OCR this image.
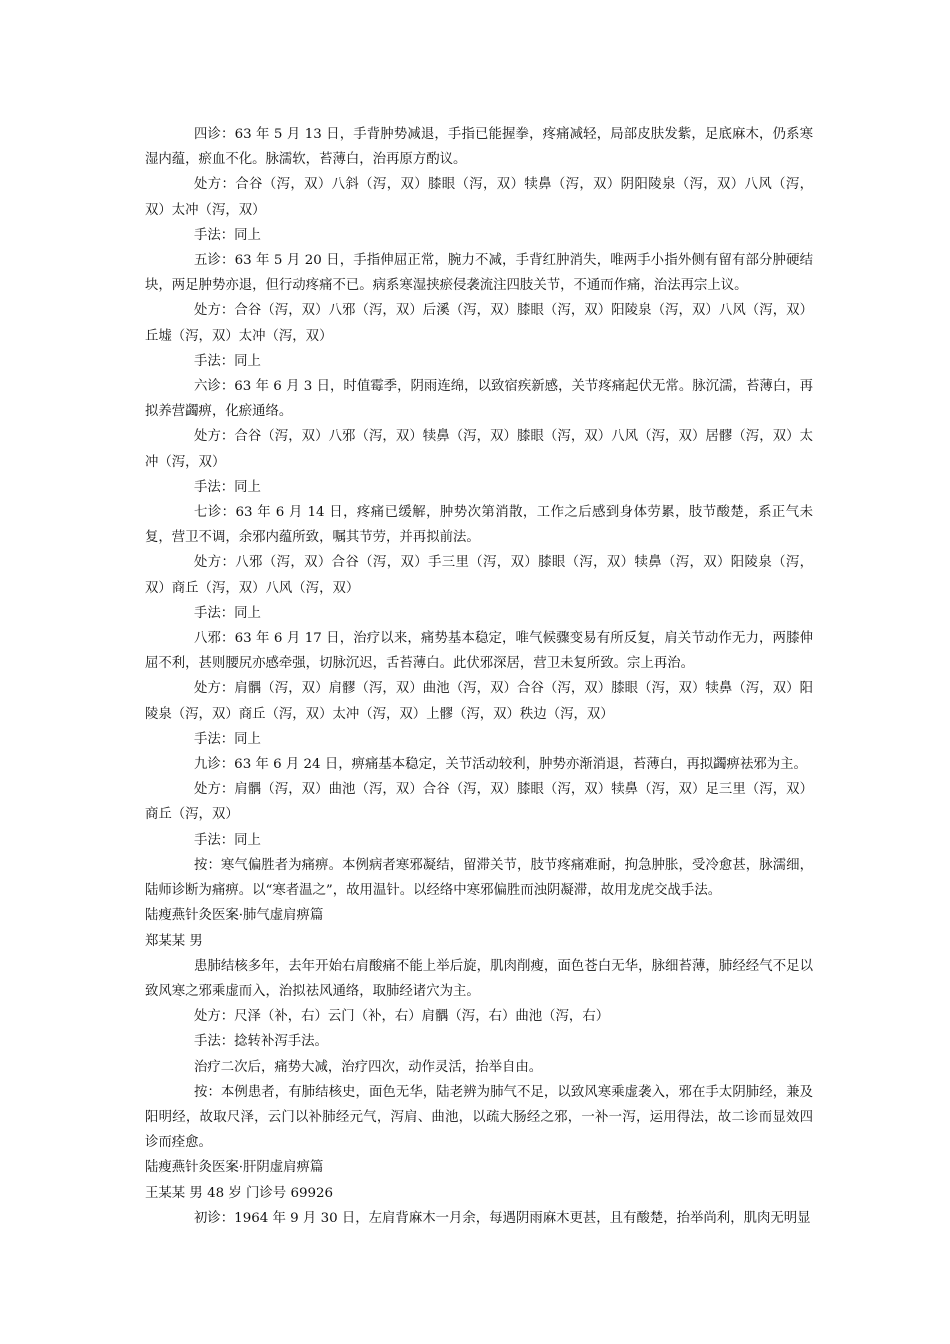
四诊：63 年 5 月 13 日，手背肿势减退，手指已能握拳，疼痛减轻，局部皮肤发紫，足底麻木，仍系寒湿内蕴，瘀血不化。脉濡软，苔薄白，治再原方酌议。

处方：合谷（泻，双）八斜（泻，双）膝眼（泻，双）犊鼻（泻，双）阴阳陵泉（泻，双）八风（泻，双）太冲（泻，双）

手法：同上

五诊：63 年 5 月 20 日，手指伸屈正常，腕力不减，手背红肿消失，唯两手小指外侧有留有部分肿硬结块，两足肿势亦退，但行动疼痛不已。病系寒湿挟瘀侵袭流注四肢关节，不通而作痛，治法再宗上议。

处方：合谷（泻，双）八邪（泻，双）后溪（泻，双）膝眼（泻，双）阳陵泉（泻，双）八风（泻，双）丘墟（泻，双）太冲（泻，双）

手法：同上

六诊：63 年 6 月 3 日，时值霉季，阴雨连绵，以致宿疾新感，关节疼痛起伏无常。脉沉濡，苔薄白，再拟养营蠲痹，化瘀通络。

处方：合谷（泻，双）八邪（泻，双）犊鼻（泻，双）膝眼（泻，双）八风（泻，双）居髎（泻，双）太冲（泻，双）

手法：同上

七诊：63 年 6 月 14 日，疼痛已缓解，肿势次第消散，工作之后感到身体劳累，肢节酸楚，系正气未复，营卫不调，余邪内蕴所致，嘱其节劳，并再拟前法。

处方：八邪（泻，双）合谷（泻，双）手三里（泻，双）膝眼（泻，双）犊鼻（泻，双）阳陵泉（泻，双）商丘（泻，双）八风（泻，双）

手法：同上

八邪：63 年 6 月 17 日，治疗以来，痛势基本稳定，唯气候骤变易有所反复，肩关节动作无力，两膝伸屈不利，甚则腰尻亦感牵强，切脉沉迟，舌苔薄白。此伏邪深居，营卫未复所致。宗上再治。

处方：肩髃（泻，双）肩髎（泻，双）曲池（泻，双）合谷（泻，双）膝眼（泻，双）犊鼻（泻，双）阳陵泉（泻，双）商丘（泻，双）太冲（泻，双）上髎（泻，双）秩边（泻，双）

手法：同上

九诊：63 年 6 月 24 日，痹痛基本稳定，关节活动较利，肿势亦渐消退，苔薄白，再拟蠲痹祛邪为主。

处方：肩髃（泻，双）曲池（泻，双）合谷（泻，双）膝眼（泻，双）犊鼻（泻，双）足三里（泻，双）商丘（泻，双）

手法：同上

按：寒气偏胜者为痛痹。本例病者寒邪凝结，留滞关节，肢节疼痛难耐，拘急肿胀，受冷愈甚，脉濡细，陆师诊断为痛痹。以“寒者温之”，故用温针。以经络中寒邪偏胜而浊阴凝滞，故用龙虎交战手法。

陆瘦燕针灸医案·肺气虚肩痹篇

郑某某 男

患肺结核多年，去年开始右肩酸痛不能上举后旋，肌肉削瘦，面色苍白无华，脉细苔薄，肺经经气不足以致风寒之邪乘虚而入，治拟祛风通络，取肺经诸穴为主。

处方：尺泽（补，右）云门（补，右）肩髃（泻，右）曲池（泻，右）

手法：捻转补泻手法。

治疗二次后，痛势大减，治疗四次，动作灵活，抬举自由。

按：本例患者，有肺结核史，面色无华，陆老辨为肺气不足，以致风寒乘虚袭入，邪在手太阴肺经，兼及阳明经，故取尺泽，云门以补肺经元气，泻肩、曲池，以疏大肠经之邪，一补一泻，运用得法，故二诊而显效四诊而痊愈。

陆瘦燕针灸医案·肝阴虚肩痹篇

王某某 男 48 岁 门诊号 69926

初诊：1964 年 9 月 30 日，左肩背麻木一月余，每遇阴雨麻木更甚，且有酸楚，抬举尚利，肌肉无明显
